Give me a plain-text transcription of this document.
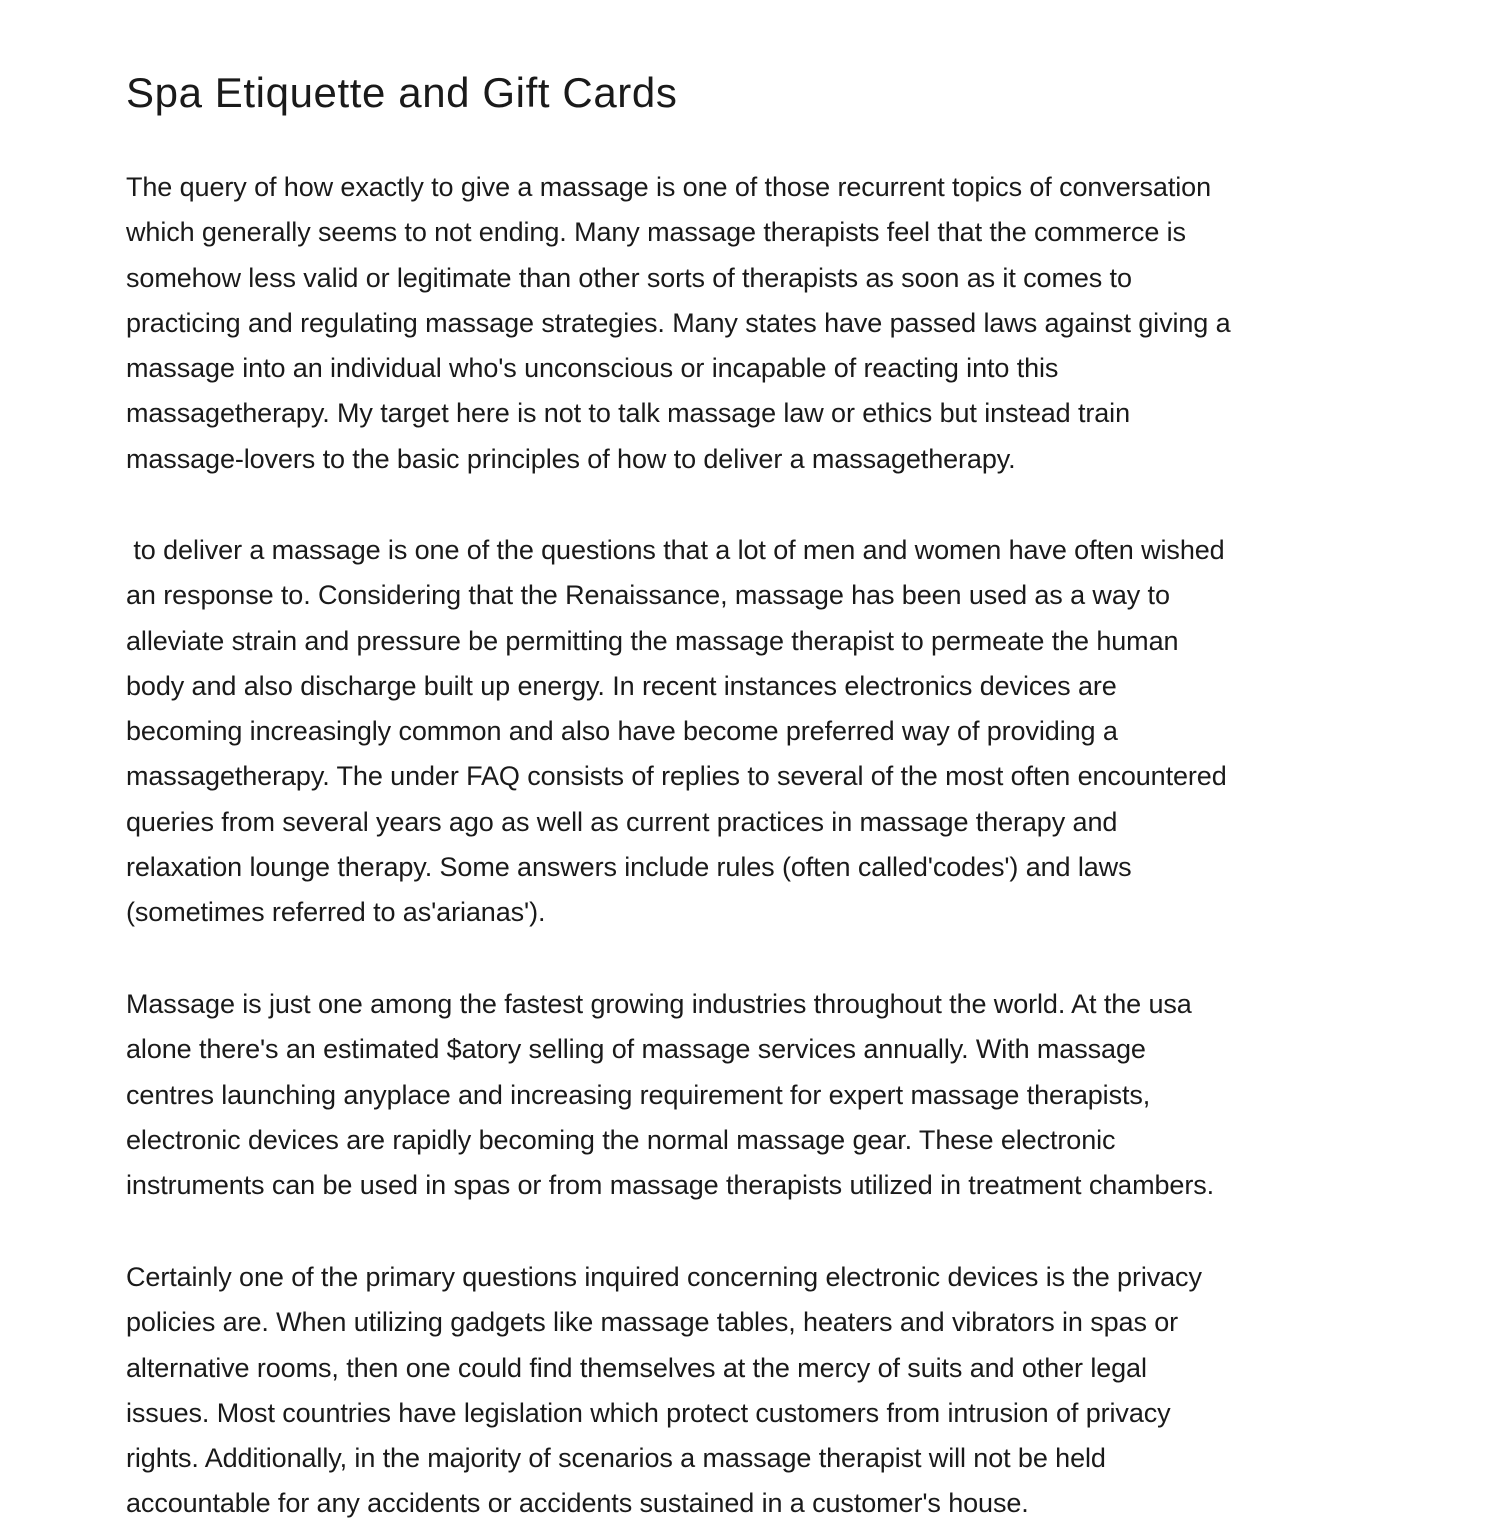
Spa Etiquette and Gift Cards

The query of how exactly to give a massage is one of those recurrent topics of conversation
which generally seems to not ending. Many massage therapists feel that the commerce is
somehow less valid or legitimate than other sorts of therapists as soon as it comes to
practicing and regulating massage strategies. Many states have passed laws against giving a
massage into an individual who's unconscious or incapable of reacting into this
massagetherapy. My target here is not to talk massage law or ethics but instead train
massage-lovers to the basic principles of how to deliver a massagetherapy.

to deliver a massage is one of the questions that a lot of men and women have often wished
an response to. Considering that the Renaissance, massage has been used as a way to
alleviate strain and pressure be permitting the massage therapist to permeate the human
body and also discharge built up energy. In recent instances electronics devices are
becoming increasingly common and also have become preferred way of providing a
massagetherapy. The under FAQ consists of replies to several of the most often encountered
queries from several years ago as well as current practices in massage therapy and
relaxation lounge therapy. Some answers include rules (often called'codes') and laws
(sometimes referred to as'arianas').

Massage is just one among the fastest growing industries throughout the world. At the usa
alone there's an estimated $atory selling of massage services annually. With massage
centres launching anyplace and increasing requirement for expert massage therapists,
electronic devices are rapidly becoming the normal massage gear. These electronic
instruments can be used in spas or from massage therapists utilized in treatment chambers.

Certainly one of the primary questions inquired concerning electronic devices is the privacy
policies are. When utilizing gadgets like massage tables, heaters and vibrators in spas or
alternative rooms, then one could find themselves at the mercy of suits and other legal
issues. Most countries have legislation which protect customers from intrusion of privacy
rights. Additionally, in the majority of scenarios a massage therapist will not be held
accountable for any accidents or accidents sustained in a customer's house.
